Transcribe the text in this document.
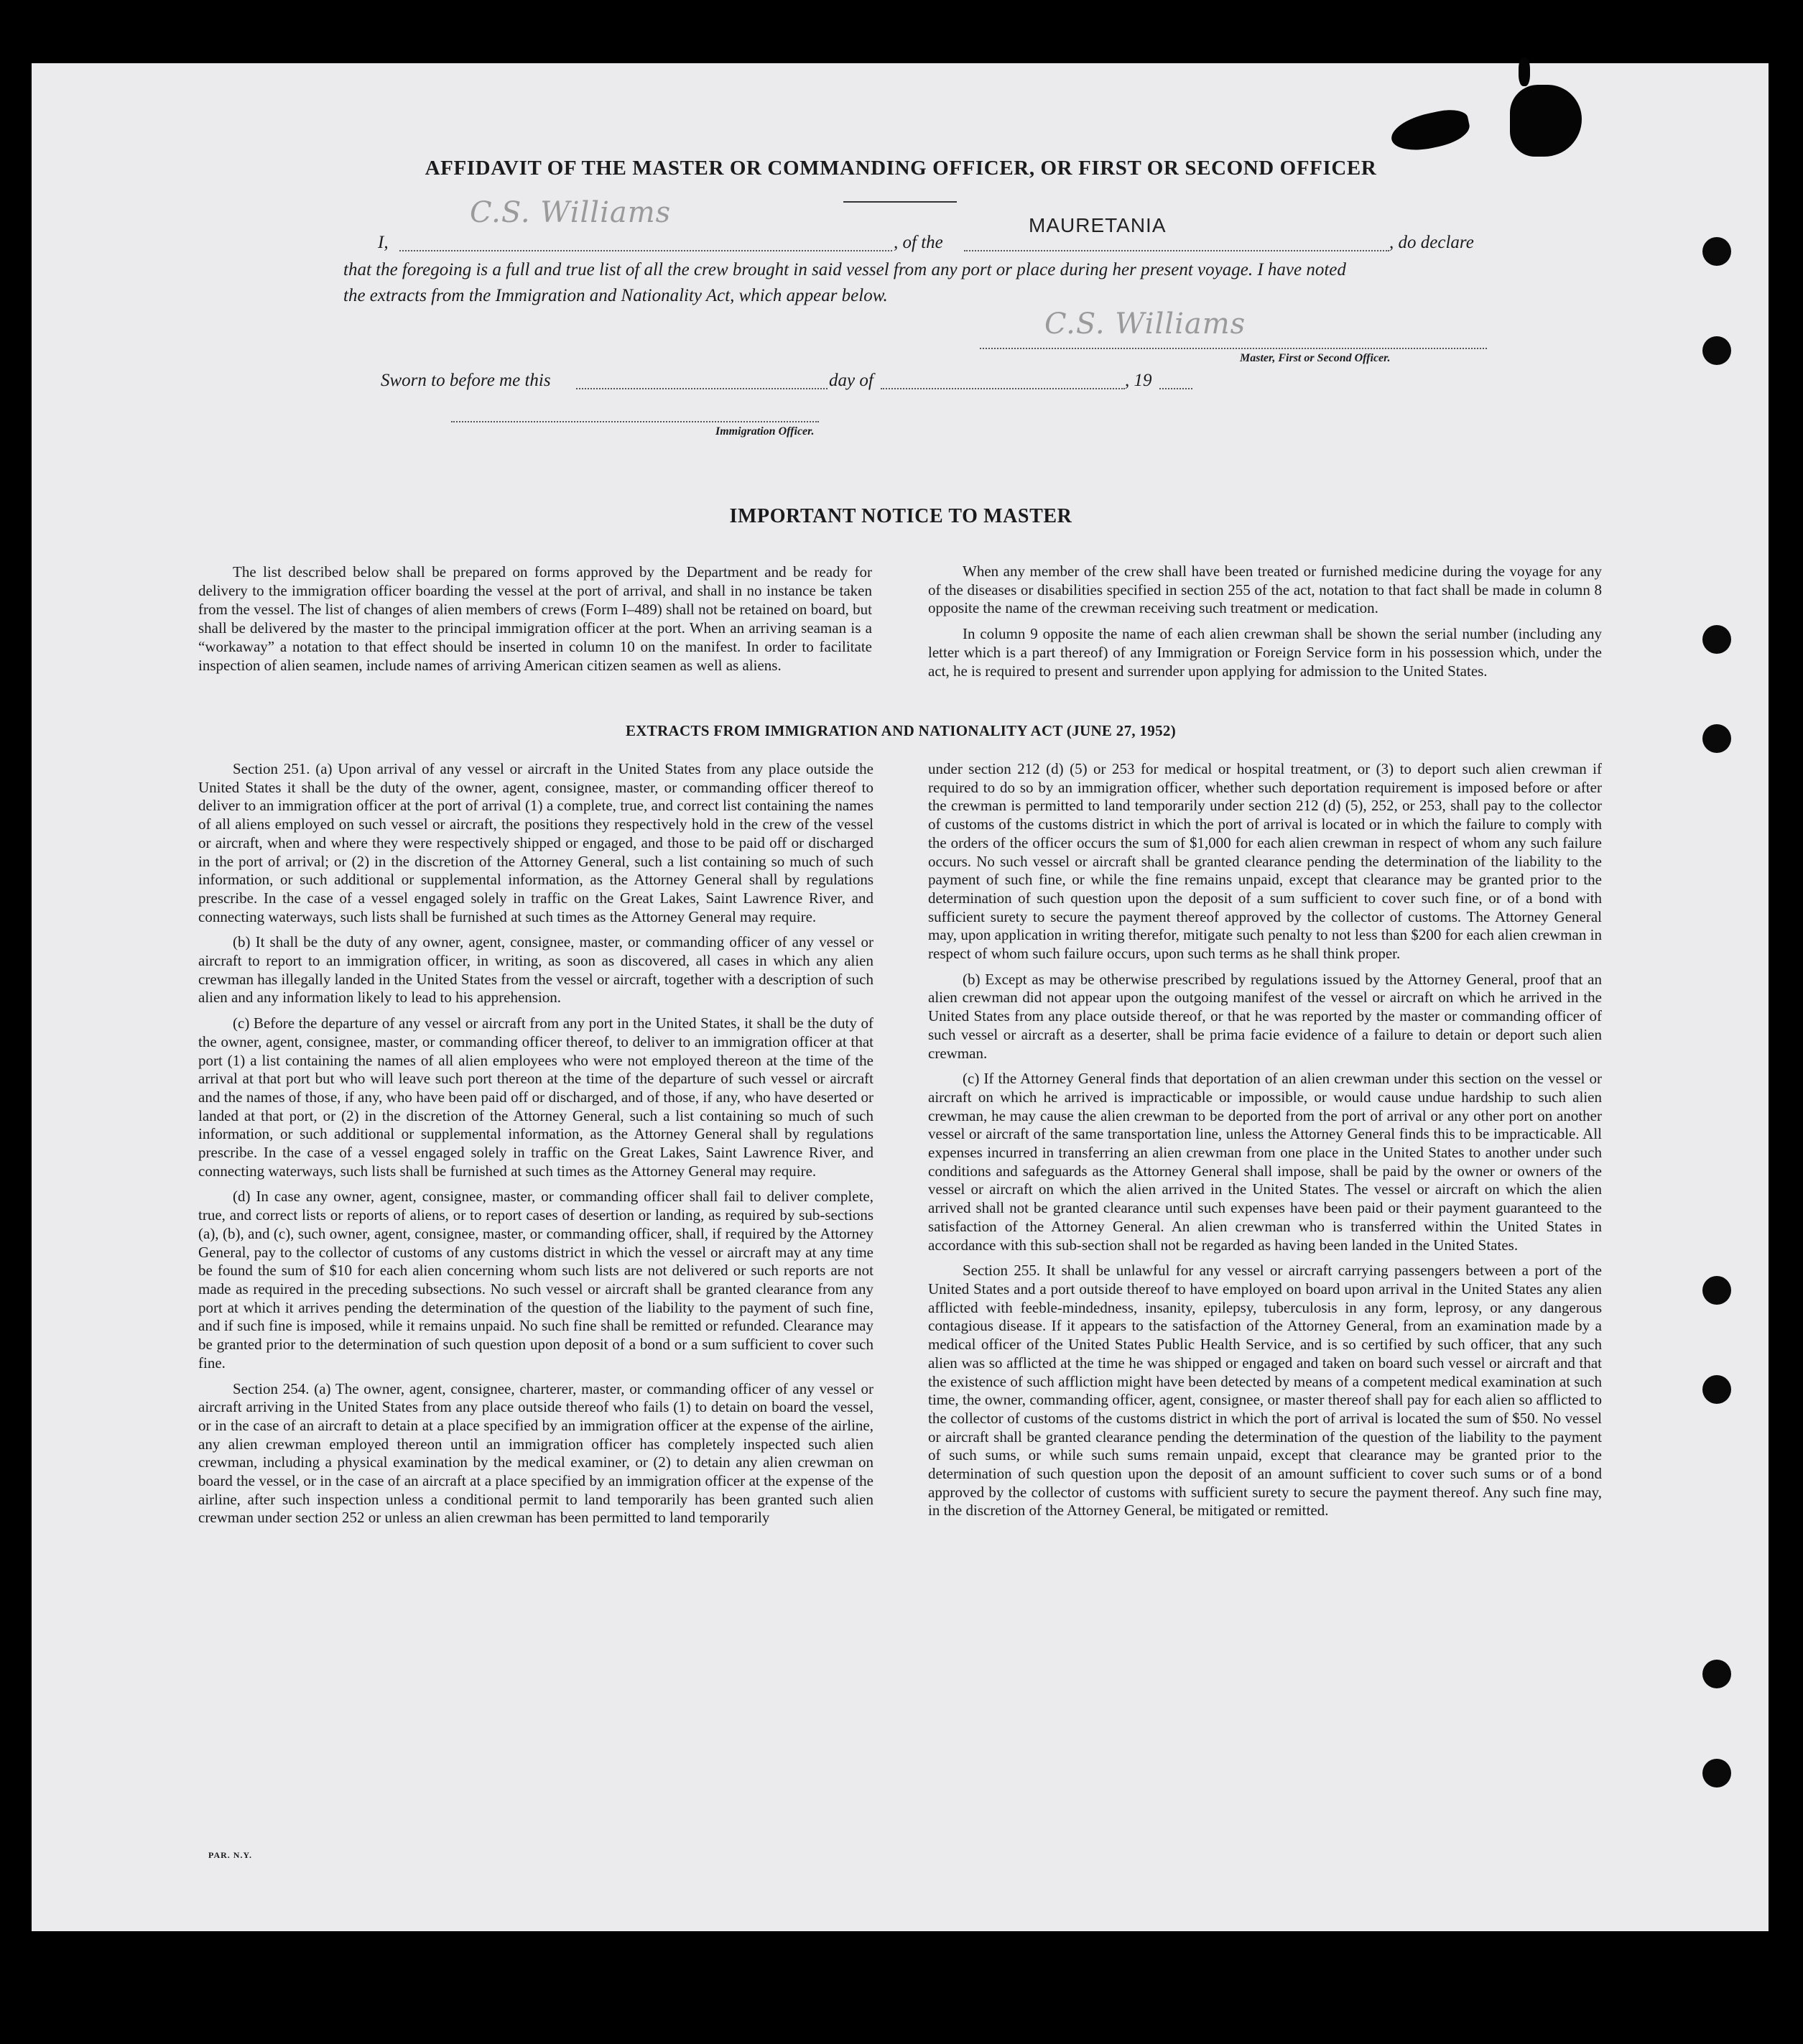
AFFIDAVIT OF THE MASTER OR COMMANDING OFFICER, OR FIRST OR SECOND OFFICER
I,
C.S. Williams
, of the
MAURETANIA
, do declare
that the foregoing is a full and true list of all the crew brought in said vessel from any port or place during her present voyage. I have noted
the extracts from the Immigration and Nationality Act, which appear below.
C.S. Williams
Master, First or Second Officer.
Sworn to before me this	day of	, 19
Immigration Officer.
IMPORTANT NOTICE TO MASTER

The list described below shall be prepared on forms approved by the Department and be ready for delivery to the immigration officer boarding the vessel at the port of arrival, and shall in no instance be taken from the vessel. The list of changes of alien members of crews (Form I–489) shall not be retained on board, but shall be delivered by the master to the principal immigration officer at the port. When an arriving seaman is a “workaway” a notation to that effect should be inserted in column 10 on the manifest. In order to facilitate inspection of alien seamen, include names of arriving American citizen seamen as well as aliens.

When any member of the crew shall have been treated or furnished medicine during the voyage for any of the diseases or disabilities specified in section 255 of the act, notation to that fact shall be made in column 8 opposite the name of the crewman receiving such treatment or medication.

In column 9 opposite the name of each alien crewman shall be shown the serial number (including any letter which is a part thereof) of any Immigration or Foreign Service form in his possession which, under the act, he is required to present and surrender upon applying for admission to the United States.

EXTRACTS FROM IMMIGRATION AND NATIONALITY ACT (JUNE 27, 1952)

Section 251. (a) Upon arrival of any vessel or aircraft in the United States from any place outside the United States it shall be the duty of the owner, agent, consignee, master, or commanding officer thereof to deliver to an immigration officer at the port of arrival (1) a complete, true, and correct list containing the names of all aliens employed on such vessel or aircraft, the positions they respectively hold in the crew of the vessel or aircraft, when and where they were respectively shipped or engaged, and those to be paid off or discharged in the port of arrival; or (2) in the discretion of the Attorney General, such a list containing so much of such information, or such additional or supplemental information, as the Attorney General shall by regulations prescribe. In the case of a vessel engaged solely in traffic on the Great Lakes, Saint Lawrence River, and connecting waterways, such lists shall be furnished at such times as the Attorney General may require.

(b) It shall be the duty of any owner, agent, consignee, master, or commanding officer of any vessel or aircraft to report to an immigration officer, in writing, as soon as discovered, all cases in which any alien crewman has illegally landed in the United States from the vessel or aircraft, together with a description of such alien and any information likely to lead to his apprehension.

(c) Before the departure of any vessel or aircraft from any port in the United States, it shall be the duty of the owner, agent, consignee, master, or commanding officer thereof, to deliver to an immigration officer at that port (1) a list containing the names of all alien employees who were not employed thereon at the time of the arrival at that port but who will leave such port thereon at the time of the departure of such vessel or aircraft and the names of those, if any, who have been paid off or discharged, and of those, if any, who have deserted or landed at that port, or (2) in the discretion of the Attorney General, such a list containing so much of such information, or such additional or supplemental information, as the Attorney General shall by regulations prescribe. In the case of a vessel engaged solely in traffic on the Great Lakes, Saint Lawrence River, and connecting waterways, such lists shall be furnished at such times as the Attorney General may require.

(d) In case any owner, agent, consignee, master, or commanding officer shall fail to deliver complete, true, and correct lists or reports of aliens, or to report cases of desertion or landing, as required by sub-sections (a), (b), and (c), such owner, agent, consignee, master, or commanding officer, shall, if required by the Attorney General, pay to the collector of customs of any customs district in which the vessel or aircraft may at any time be found the sum of $10 for each alien concerning whom such lists are not delivered or such reports are not made as required in the preceding subsections. No such vessel or aircraft shall be granted clearance from any port at which it arrives pending the determination of the question of the liability to the payment of such fine, and if such fine is imposed, while it remains unpaid. No such fine shall be remitted or refunded. Clearance may be granted prior to the determination of such question upon deposit of a bond or a sum sufficient to cover such fine.

Section 254. (a) The owner, agent, consignee, charterer, master, or commanding officer of any vessel or aircraft arriving in the United States from any place outside thereof who fails (1) to detain on board the vessel, or in the case of an aircraft to detain at a place specified by an immigration officer at the expense of the airline, any alien crewman employed thereon until an immigration officer has completely inspected such alien crewman, including a physical examination by the medical examiner, or (2) to detain any alien crewman on board the vessel, or in the case of an aircraft at a place specified by an immigration officer at the expense of the airline, after such inspection unless a conditional permit to land temporarily has been granted such alien crewman under section 252 or unless an alien crewman has been permitted to land temporarily

under section 212 (d) (5) or 253 for medical or hospital treatment, or (3) to deport such alien crewman if required to do so by an immigration officer, whether such deportation requirement is imposed before or after the crewman is permitted to land temporarily under section 212 (d) (5), 252, or 253, shall pay to the collector of customs of the customs district in which the port of arrival is located or in which the failure to comply with the orders of the officer occurs the sum of $1,000 for each alien crewman in respect of whom any such failure occurs. No such vessel or aircraft shall be granted clearance pending the determination of the liability to the payment of such fine, or while the fine remains unpaid, except that clearance may be granted prior to the determination of such question upon the deposit of a sum sufficient to cover such fine, or of a bond with sufficient surety to secure the payment thereof approved by the collector of customs. The Attorney General may, upon application in writing therefor, mitigate such penalty to not less than $200 for each alien crewman in respect of whom such failure occurs, upon such terms as he shall think proper.

(b) Except as may be otherwise prescribed by regulations issued by the Attorney General, proof that an alien crewman did not appear upon the outgoing manifest of the vessel or aircraft on which he arrived in the United States from any place outside thereof, or that he was reported by the master or commanding officer of such vessel or aircraft as a deserter, shall be prima facie evidence of a failure to detain or deport such alien crewman.

(c) If the Attorney General finds that deportation of an alien crewman under this section on the vessel or aircraft on which he arrived is impracticable or impossible, or would cause undue hardship to such alien crewman, he may cause the alien crewman to be deported from the port of arrival or any other port on another vessel or aircraft of the same transportation line, unless the Attorney General finds this to be impracticable. All expenses incurred in transferring an alien crewman from one place in the United States to another under such conditions and safeguards as the Attorney General shall impose, shall be paid by the owner or owners of the vessel or aircraft on which the alien arrived in the United States. The vessel or aircraft on which the alien arrived shall not be granted clearance until such expenses have been paid or their payment guaranteed to the satisfaction of the Attorney General. An alien crewman who is transferred within the United States in accordance with this sub-section shall not be regarded as having been landed in the United States.

Section 255. It shall be unlawful for any vessel or aircraft carrying passengers between a port of the United States and a port outside thereof to have employed on board upon arrival in the United States any alien afflicted with feeble-mindedness, insanity, epilepsy, tuberculosis in any form, leprosy, or any dangerous contagious disease. If it appears to the satisfaction of the Attorney General, from an examination made by a medical officer of the United States Public Health Service, and is so certified by such officer, that any such alien was so afflicted at the time he was shipped or engaged and taken on board such vessel or aircraft and that the existence of such affliction might have been detected by means of a competent medical examination at such time, the owner, commanding officer, agent, consignee, or master thereof shall pay for each alien so afflicted to the collector of customs of the customs district in which the port of arrival is located the sum of $50. No vessel or aircraft shall be granted clearance pending the determination of the question of the liability to the payment of such sums, or while such sums remain unpaid, except that clearance may be granted prior to the determination of such question upon the deposit of an amount sufficient to cover such sums or of a bond approved by the collector of customs with sufficient surety to secure the payment thereof. Any such fine may, in the discretion of the Attorney General, be mitigated or remitted.

PAR. N.Y.
